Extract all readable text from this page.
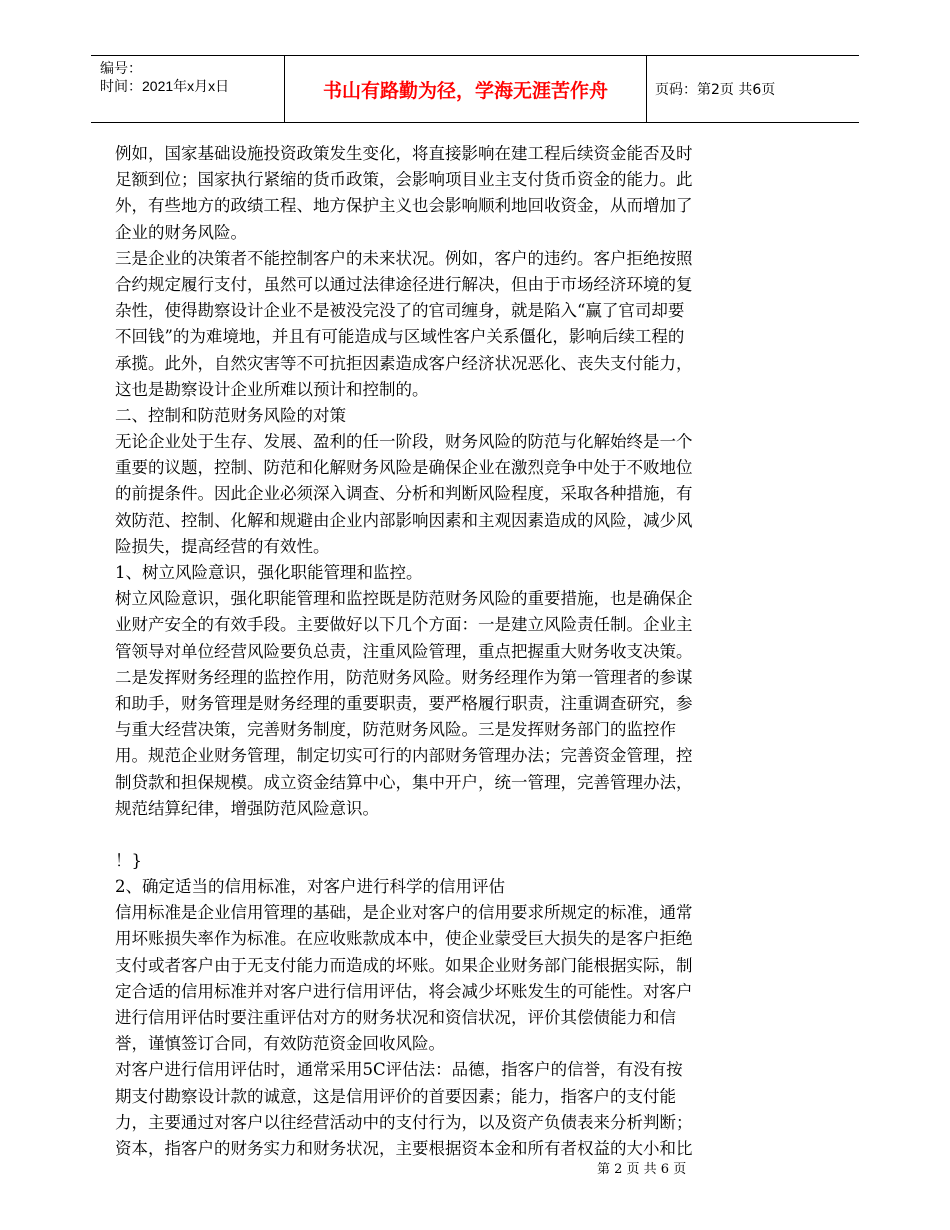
编号：
时间：2021年x月x日	书山有路勤为径，学海无涯苦作舟	页码：第2页 共6页
例如，国家基础设施投资政策发生变化，将直接影响在建工程后续资金能否及时
足额到位；国家执行紧缩的货币政策，会影响项目业主支付货币资金的能力。此
外，有些地方的政绩工程、地方保护主义也会影响顺利地回收资金，从而增加了
企业的财务风险。
三是企业的决策者不能控制客户的未来状况。例如，客户的违约。客户拒绝按照
合约规定履行支付，虽然可以通过法律途径进行解决，但由于市场经济环境的复
杂性，使得勘察设计企业不是被没完没了的官司缠身，就是陷入“赢了官司却要
不回钱”的为难境地，并且有可能造成与区域性客户关系僵化，影响后续工程的
承揽。此外，自然灾害等不可抗拒因素造成客户经济状况恶化、丧失支付能力，
这也是勘察设计企业所难以预计和控制的。
二、控制和防范财务风险的对策
无论企业处于生存、发展、盈利的任一阶段，财务风险的防范与化解始终是一个
重要的议题，控制、防范和化解财务风险是确保企业在激烈竞争中处于不败地位
的前提条件。因此企业必须深入调查、分析和判断风险程度，采取各种措施，有
效防范、控制、化解和规避由企业内部影响因素和主观因素造成的风险，减少风
险损失，提高经营的有效性。
1、树立风险意识，强化职能管理和监控。
树立风险意识，强化职能管理和监控既是防范财务风险的重要措施，也是确保企
业财产安全的有效手段。主要做好以下几个方面：一是建立风险责任制。企业主
管领导对单位经营风险要负总责，注重风险管理，重点把握重大财务收支决策。
二是发挥财务经理的监控作用，防范财务风险。财务经理作为第一管理者的参谋
和助手，财务管理是财务经理的重要职责，要严格履行职责，注重调查研究，参
与重大经营决策，完善财务制度，防范财务风险。三是发挥财务部门的监控作
用。规范企业财务管理，制定切实可行的内部财务管理办法；完善资金管理，控
制贷款和担保规模。成立资金结算中心，集中开户，统一管理，完善管理办法，
规范结算纪律，增强防范风险意识。
！}
2、确定适当的信用标准，对客户进行科学的信用评估
信用标准是企业信用管理的基础，是企业对客户的信用要求所规定的标准，通常
用坏账损失率作为标准。在应收账款成本中，使企业蒙受巨大损失的是客户拒绝
支付或者客户由于无支付能力而造成的坏账。如果企业财务部门能根据实际，制
定合适的信用标准并对客户进行信用评估，将会减少坏账发生的可能性。对客户
进行信用评估时要注重评估对方的财务状况和资信状况，评价其偿债能力和信
誉，谨慎签订合同，有效防范资金回收风险。
对客户进行信用评估时，通常采用5C评估法：品德，指客户的信誉，有没有按
期支付勘察设计款的诚意，这是信用评价的首要因素；能力，指客户的支付能
力，主要通过对客户以往经营活动中的支付行为，以及资产负债表来分析判断；
资本，指客户的财务实力和财务状况，主要根据资本金和所有者权益的大小和比
第 2 页 共 6 页
